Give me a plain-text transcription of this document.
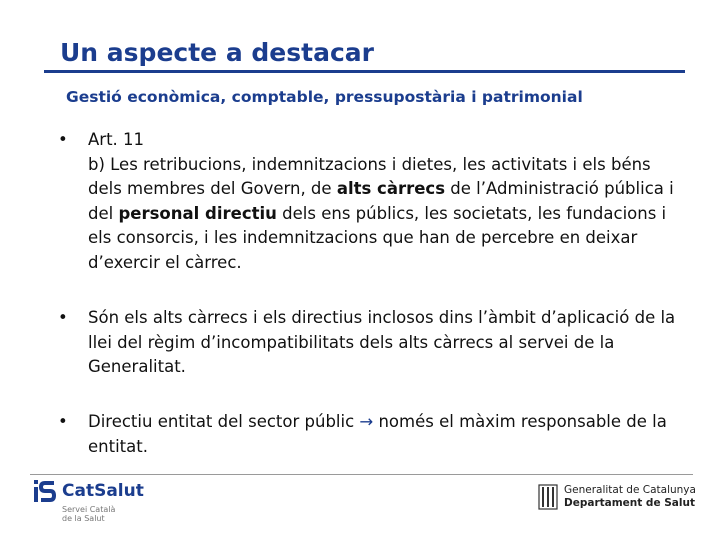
Un aspecte a destacar
Gestió econòmica, comptable, pressupostària i patrimonial
• Art. 11
b) Les retribucions, indemnitzacions i dietes, les activitats i els béns dels membres del Govern, de alts càrrecs de l’Administració pública i del personal directiu dels ens públics, les societats, les fundacions i els consorcis, i les indemnitzacions que han de percebre en deixar d’exercir el càrrec.
• Són els alts càrrecs i els directius inclosos dins l’àmbit d’aplicació de la llei del règim d’incompatibilitats dels alts càrrecs al servei de la Generalitat.
• Directiu entitat del sector públic → només el màxim responsable de la entitat.
CatSalut
Servei Català
de la Salut
Generalitat de Catalunya
Departament de Salut
